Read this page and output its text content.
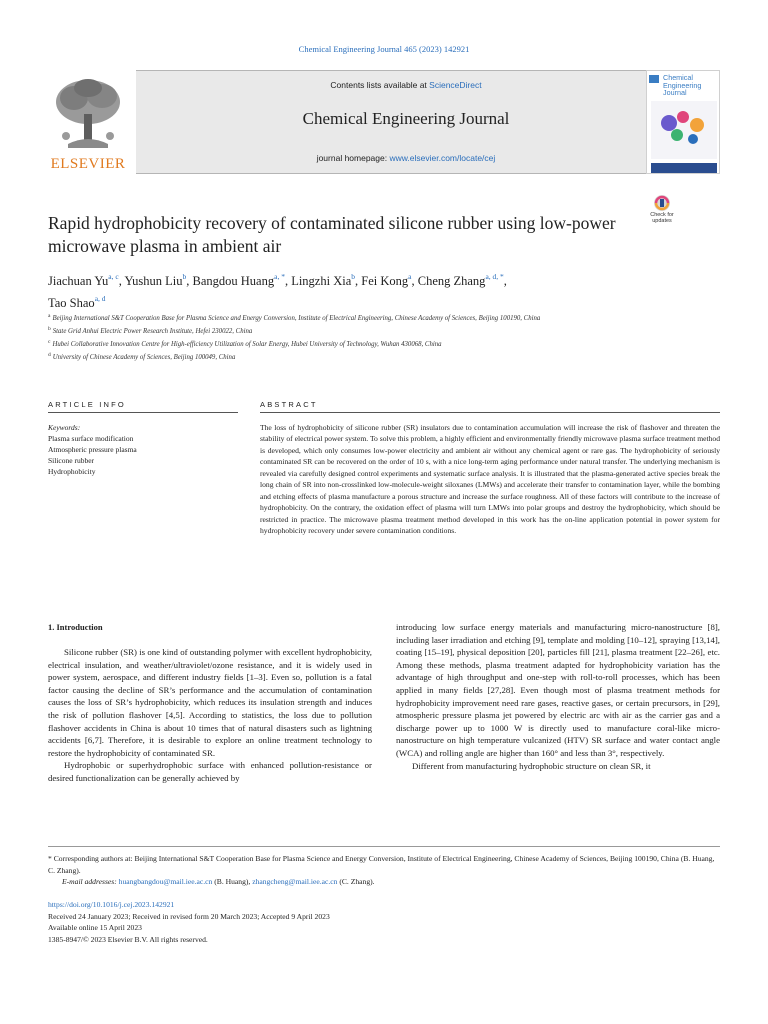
Chemical Engineering Journal 465 (2023) 142921
ELSEVIER
Contents lists available at ScienceDirect
Chemical Engineering Journal
journal homepage: www.elsevier.com/locate/cej
Chemical Engineering Journal
Check for updates
Rapid hydrophobicity recovery of contaminated silicone rubber using low-power microwave plasma in ambient air
Jiachuan Yu$^{a, c}$, Yushun Liu$^b$, Bangdou Huang$^{a, *}$, Lingzhi Xia$^b$, Fei Kong$^a$, Cheng Zhang$^{a, d, *}$,
Tao Shao$^{a, d}$
$^a$ Beijing International S&T Cooperation Base for Plasma Science and Energy Conversion, Institute of Electrical Engineering, Chinese Academy of Sciences, Beijing 100190, China
$^b$ State Grid Anhui Electric Power Research Institute, Hefei 230022, China
$^c$ Hubei Collaborative Innovation Centre for High-efficiency Utilization of Solar Energy, Hubei University of Technology, Wuhan 430068, China
$^d$ University of Chinese Academy of Sciences, Beijing 100049, China
ARTICLE INFO	ABSTRACT
Keywords:
Plasma surface modification
Atmospheric pressure plasma
Silicone rubber
Hydrophobicity
The loss of hydrophobicity of silicone rubber (SR) insulators due to contamination accumulation will increase the risk of flashover and threaten the stability of electrical power system. To solve this problem, a highly efficient and environmentally friendly microwave plasma surface treatment method is developed, which only consumes low-power electricity and ambient air without any chemical agent or rare gas. The hydrophobicity of seriously contaminated SR can be recovered on the order of 10 s, with a nice long-term aging performance under natural transfer. The underlying mechanism is revealed via carefully designed control experiments and systematic surface analysis. It is illustrated that the plasma-generated active species break the long chain of SR into non-crosslinked low-molecule-weight siloxanes (LMWs) and accelerate their transfer to contamination layer, while the bombing and etching effects of plasma manufacture a porous structure and increase the surface roughness. All of these factors will contribute to the increase of hydrophobicity. On the contrary, the oxidation effect of plasma will turn LMWs into polar groups and destroy the hydrophobicity, which should be restricted in practice. The microwave plasma treatment method developed in this work has the on-line application potential in power system for hydrophobicity recovery under severe contamination conditions.
1. Introduction

Silicone rubber (SR) is one kind of outstanding polymer with excellent hydrophobicity, electrical insulation, and weather/ultraviolet/ozone resistance, and it is widely used in power system, aerospace, and different industry fields [1–3]. Even so, pollution is a fatal factor causing the decline of SR’s performance and the accumulation of contamination causes the loss of SR’s hydrophobicity, which reduces its insulation strength and induces the risk of pollution flashover [4,5]. According to statistics, the loss due to pollution flashover accidents in China is about 10 times that of natural disasters such as lightning accidents [6,7]. Therefore, it is desirable to explore an online treatment technology to restore the hydrophobicity of contaminated SR.

Hydrophobic or superhydrophobic surface with enhanced pollution-resistance or desired functionalization can be generally achieved by

introducing low surface energy materials and manufacturing micro-nanostructure [8], including laser irradiation and etching [9], template and molding [10–12], spraying [13,14], coating [15–19], physical deposition [20], particles fill [21], plasma treatment [22–26], etc. Among these methods, plasma treatment adapted for hydrophobicity variation has the advantage of high throughput and one-step with roll-to-roll processes, which has been applied in many fields [27,28]. Even though most of plasma treatment methods for hydrophobicity improvement need rare gases, reactive gases, or certain precursors, in [29], atmospheric pressure plasma jet powered by electric arc with air as the carrier gas and a discharge power up to 1000 W is directly used to manufacture coral-like micro-nanostructure on high temperature vulcanized (HTV) SR surface and water contact angle (WCA) and rolling angle are higher than 160° and less than 3°, respectively.

Different from manufacturing hydrophobic structure on clean SR, it

* Corresponding authors at: Beijing International S&T Cooperation Base for Plasma Science and Energy Conversion, Institute of Electrical Engineering, Chinese Academy of Sciences, Beijing 100190, China (B. Huang, C. Zhang).
E-mail addresses: huangbangdou@mail.iee.ac.cn (B. Huang), zhangcheng@mail.iee.ac.cn (C. Zhang).
https://doi.org/10.1016/j.cej.2023.142921
Received 24 January 2023; Received in revised form 20 March 2023; Accepted 9 April 2023
Available online 15 April 2023
1385-8947/© 2023 Elsevier B.V. All rights reserved.
